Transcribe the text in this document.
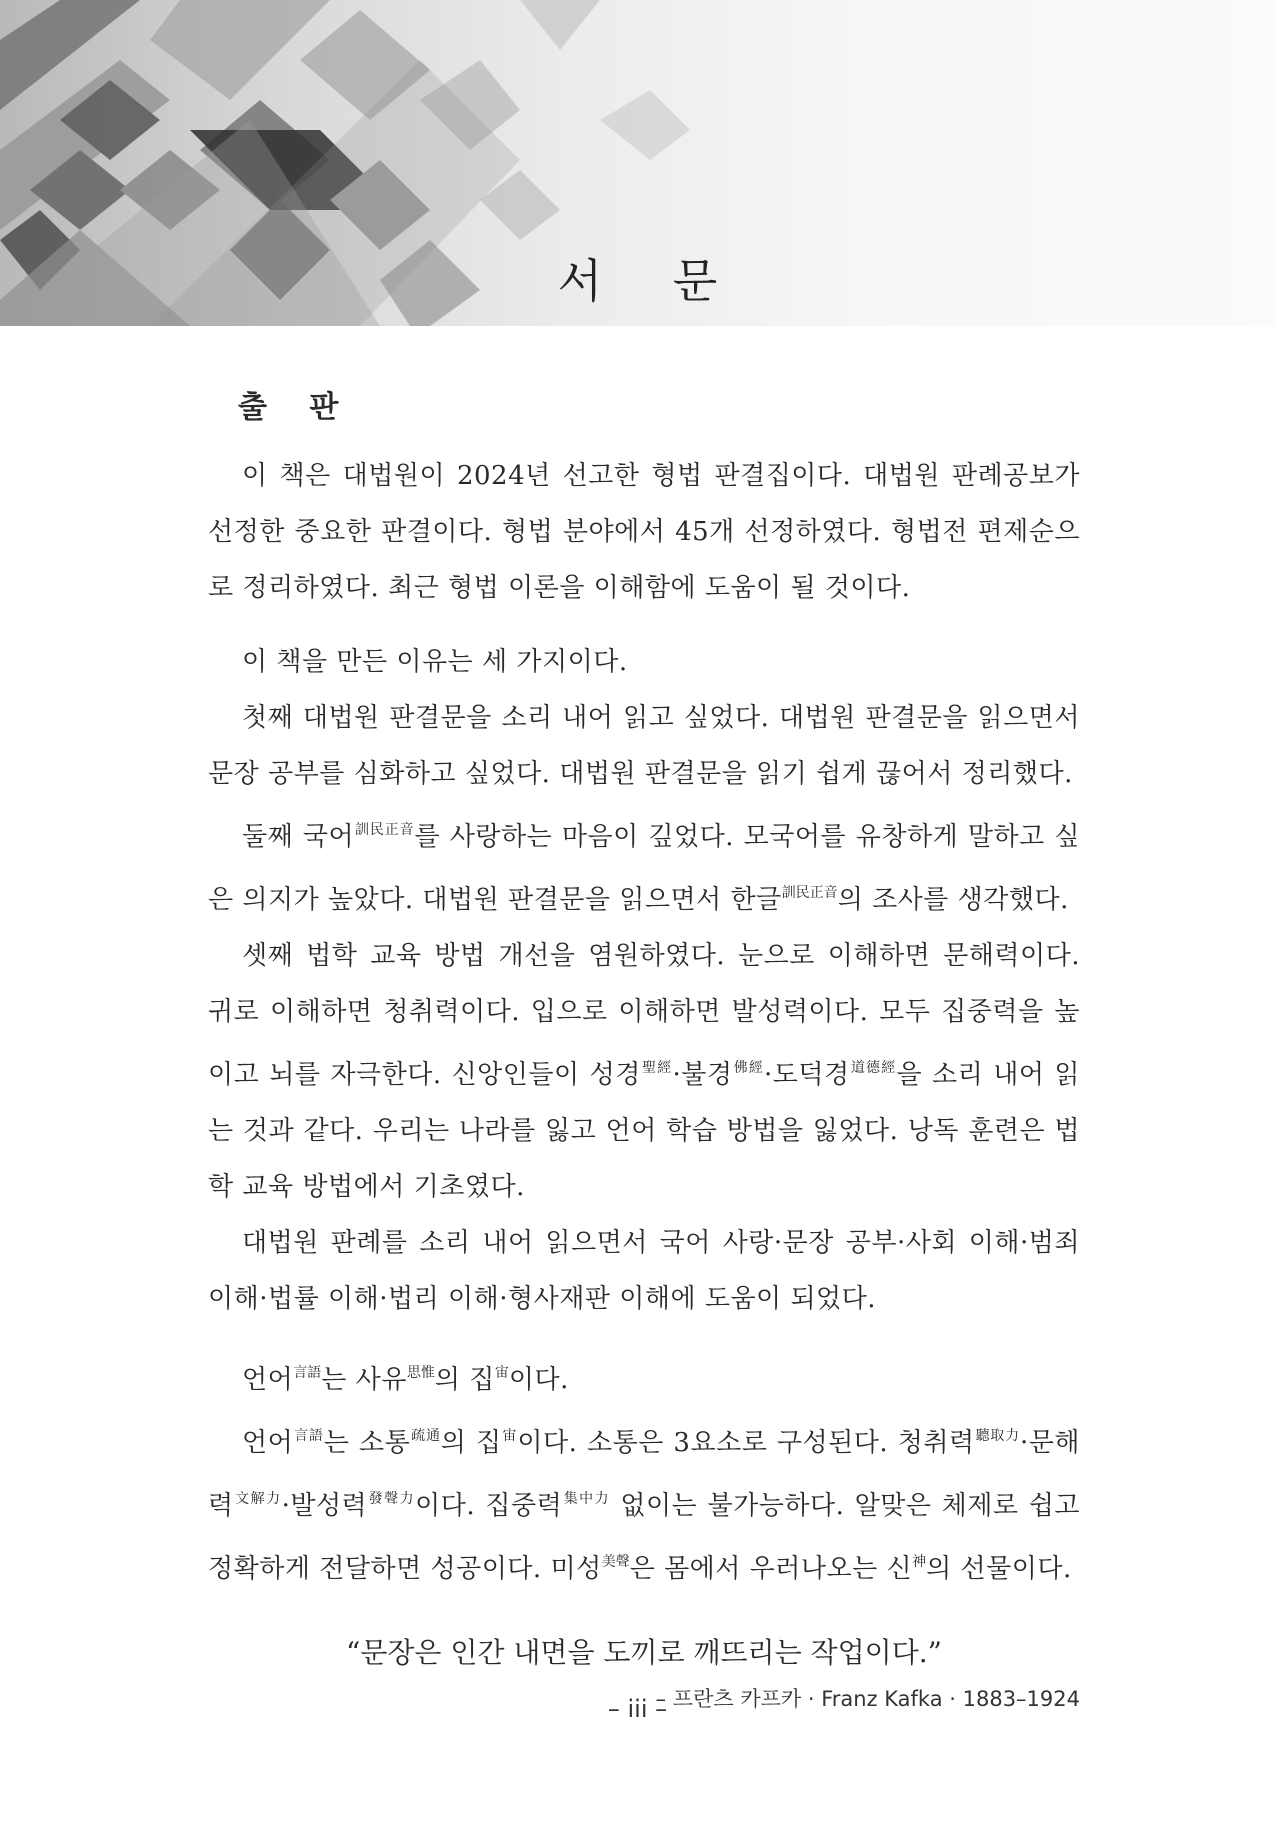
서 문
출 판

이 책은 대법원이 2024년 선고한 형법 판결집이다. 대법원 판례공보가 선정한 중요한 판결이다. 형법 분야에서 45개 선정하였다. 형법전 편제순으로 정리하였다. 최근 형법 이론을 이해함에 도움이 될 것이다.

이 책을 만든 이유는 세 가지이다.

첫째 대법원 판결문을 소리 내어 읽고 싶었다. 대법원 판결문을 읽으면서 문장 공부를 심화하고 싶었다. 대법원 판결문을 읽기 쉽게 끊어서 정리했다.

둘째 국어$^{訓民正音}$를 사랑하는 마음이 깊었다. 모국어를 유창하게 말하고 싶은 의지가 높았다. 대법원 판결문을 읽으면서 한글$^{訓民正音}$의 조사를 생각했다.

셋째 법학 교육 방법 개선을 염원하였다. 눈으로 이해하면 문해력이다. 귀로 이해하면 청취력이다. 입으로 이해하면 발성력이다. 모두 집중력을 높이고 뇌를 자극한다. 신앙인들이 성경$^{聖經}$·불경$^{佛經}$·도덕경$^{道德經}$을 소리 내어 읽는 것과 같다. 우리는 나라를 잃고 언어 학습 방법을 잃었다. 낭독 훈련은 법학 교육 방법에서 기초였다.

대법원 판례를 소리 내어 읽으면서 국어 사랑·문장 공부·사회 이해·범죄 이해·법률 이해·법리 이해·형사재판 이해에 도움이 되었다.

언어$^{言語}$는 사유$^{思惟}$의 집$^宙$이다.

언어$^{言語}$는 소통$^{疏通}$의 집$^宙$이다. 소통은 3요소로 구성된다. 청취력$^{聽取力}$·문해력$^{文解力}$·발성력$^{發聲力}$이다. 집중력$^{集中力}$ 없이는 불가능하다. 알맞은 체제로 쉽고 정확하게 전달하면 성공이다. 미성$^{美聲}$은 몸에서 우러나오는 신$^神$의 선물이다.

“문장은 인간 내면을 도끼로 깨뜨리는 작업이다.”
– 프란츠 카프카 · Franz Kafka · 1883–1924
– iii –
